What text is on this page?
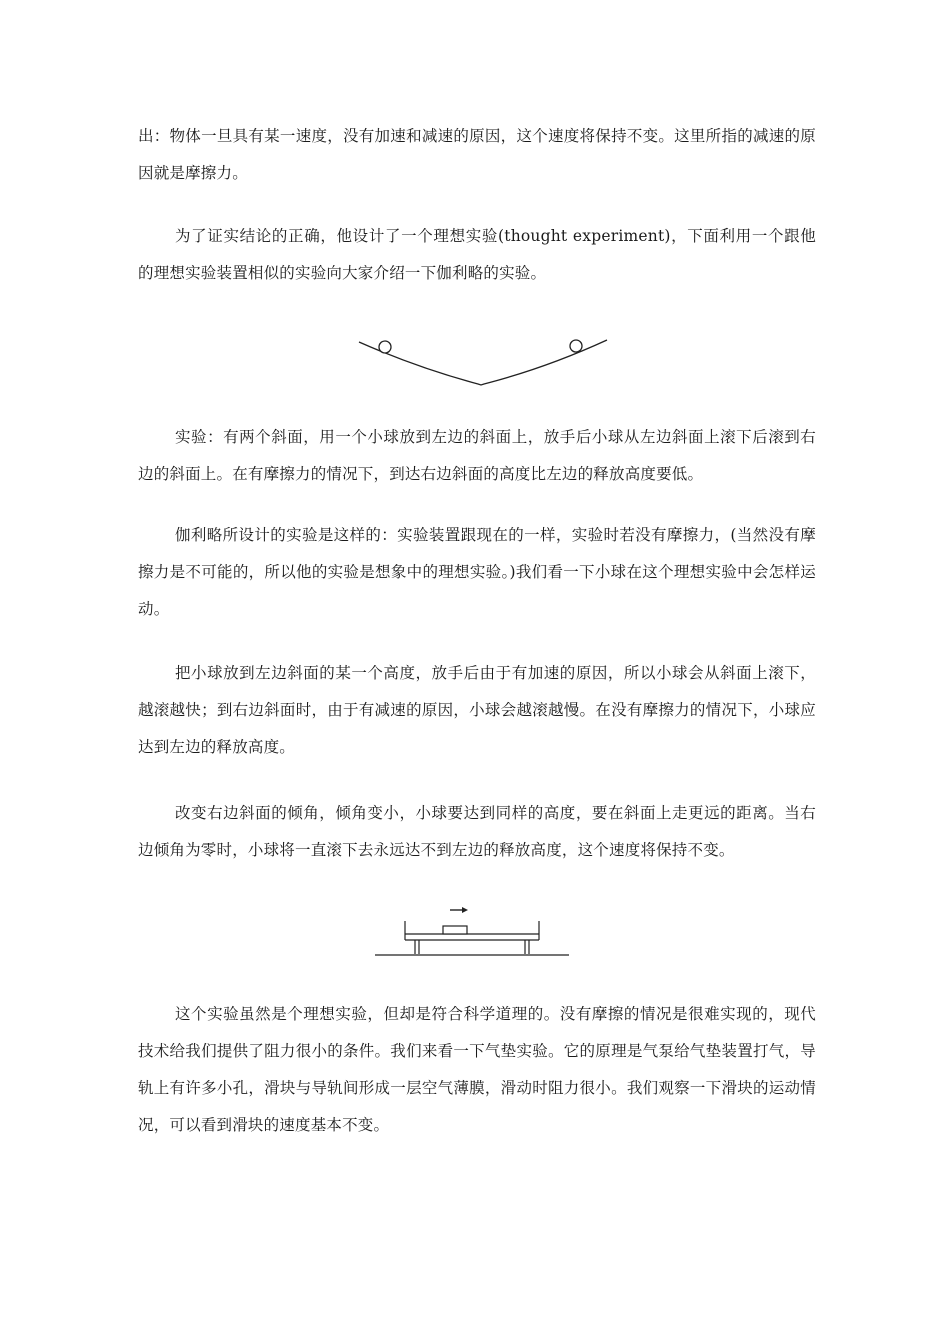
出：物体一旦具有某一速度，没有加速和减速的原因，这个速度将保持不变。这里所指的减速的原因就是摩擦力。

为了证实结论的正确，他设计了一个理想实验(thought experiment)，下面利用一个跟他的理想实验装置相似的实验向大家介绍一下伽利略的实验。

实验：有两个斜面，用一个小球放到左边的斜面上，放手后小球从左边斜面上滚下后滚到右边的斜面上。在有摩擦力的情况下，到达右边斜面的高度比左边的释放高度要低。

伽利略所设计的实验是这样的：实验装置跟现在的一样，实验时若没有摩擦力，(当然没有摩擦力是不可能的，所以他的实验是想象中的理想实验。)我们看一下小球在这个理想实验中会怎样运动。

把小球放到左边斜面的某一个高度，放手后由于有加速的原因，所以小球会从斜面上滚下，越滚越快；到右边斜面时，由于有减速的原因，小球会越滚越慢。在没有摩擦力的情况下，小球应达到左边的释放高度。

改变右边斜面的倾角，倾角变小，小球要达到同样的高度，要在斜面上走更远的距离。当右边倾角为零时，小球将一直滚下去永远达不到左边的释放高度，这个速度将保持不变。

这个实验虽然是个理想实验，但却是符合科学道理的。没有摩擦的情况是很难实现的，现代技术给我们提供了阻力很小的条件。我们来看一下气垫实验。它的原理是气泵给气垫装置打气，导轨上有许多小孔，滑块与导轨间形成一层空气薄膜，滑动时阻力很小。我们观察一下滑块的运动情况，可以看到滑块的速度基本不变。
